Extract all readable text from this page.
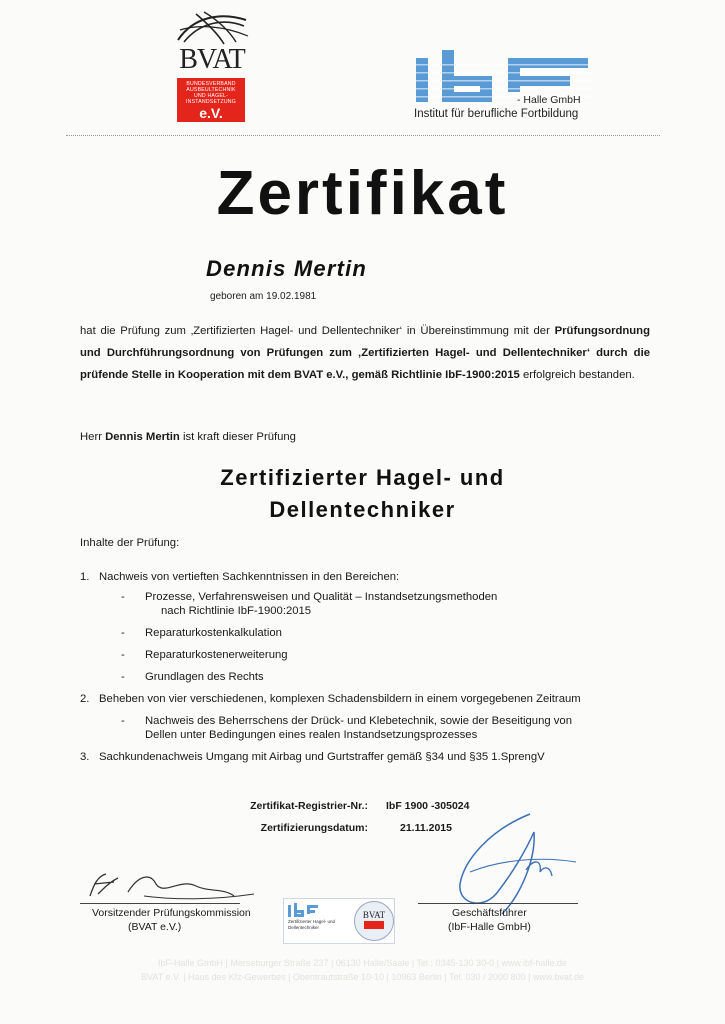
BVAT
BUNDESVERBAND
AUSBEULTECHNIK
UND HAGEL-
INSTANDSETZUNG
e.V.
- Halle GmbH
Institut für berufliche Fortbildung
Zertifikat
Dennis Mertin
geboren am 19.02.1981
hat die Prüfung zum ‚Zertifizierten Hagel- und Dellentechniker‘ in Übereinstimmung mit der Prüfungsordnung und Durchführungsordnung von Prüfungen zum ‚Zertifizierten Hagel- und Dellentechniker‘ durch die prüfende Stelle in Kooperation mit dem BVAT e.V., gemäß Richtlinie IbF-1900:2015 erfolgreich bestanden.
Herr Dennis Mertin ist kraft dieser Prüfung
Zertifizierter Hagel- und
Dellentechniker
Inhalte der Prüfung:
1. Nachweis von vertieften Sachkenntnissen in den Bereichen:
- Prozesse, Verfahrensweisen und Qualität – Instandsetzungsmethoden
nach Richtlinie IbF-1900:2015
- Reparaturkostenkalkulation
- Reparaturkostenerweiterung
- Grundlagen des Rechts
2. Beheben von vier verschiedenen, komplexen Schadensbildern in einem vorgegebenen Zeitraum
- Nachweis des Beherrschens der Drück- und Klebetechnik, sowie der Beseitigung von
Dellen unter Bedingungen eines realen Instandsetzungsprozesses
3. Sachkundenachweis Umgang mit Airbag und Gurtstraffer gemäß §34 und §35 1.SprengV
Zertifikat-Registrier-Nr.: IbF 1900 -305024
Zertifizierungsdatum:	21.11.2015
Vorsitzender Prüfungskommission
(BVAT e.V.)
Geschäftsführer
(IbF-Halle GmbH)
Zertifizierter Hagel- und
Dellentechniker
BVAT
IbF-Halle GmbH | Merseburger Straße 237 | 06130 Halle/Saale | Tel.: 0345-130 30-0 | www.ibf-halle.de
BVAT e.V. | Haus des Kfz-Gewerbes | Obentrautstraße 10-10 | 10963 Berlin | Tel. 030 / 2000 800 | www.bvat.de
